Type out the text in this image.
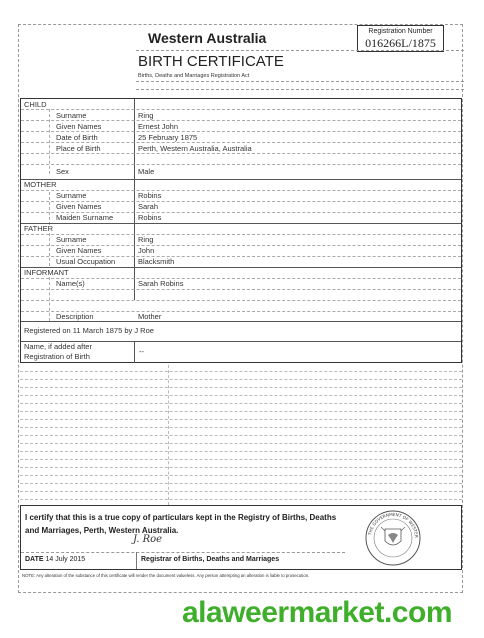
Western Australia	Registration Number
016266L/1875
BIRTH CERTIFICATE
Births, Deaths and Marriages Registration Act
CHILD
Surname	Ring
Given Names	Ernest John
Date of Birth	25 February 1875
Place of Birth	Perth, Western Australia, Australia
Sex	Male
MOTHER
Surname	Robins
Given Names	Sarah
Maiden Surname	Robins
FATHER
Surname	Ring
Given Names	John
Usual Occupation	Blacksmith
INFORMANT
Name(s)	Sarah Robins
Description	Mother
Registered on 11 March 1875 by J Roe
Name, if added after
Registration of Birth
--
I certify that this is a true copy of particulars kept in the Registry of Births, Deaths and Marriages, Perth, Western Australia.
J. Roe
DATE 14 July 2015	Registrar of Births, Deaths and Marriages
THE GOVERNMENT OF WESTER
NOTE: Any alteration of the substance of this certificate will render the document valueless. Any person attempting an alteration is liable to prosecution.
alaweermarket.com
